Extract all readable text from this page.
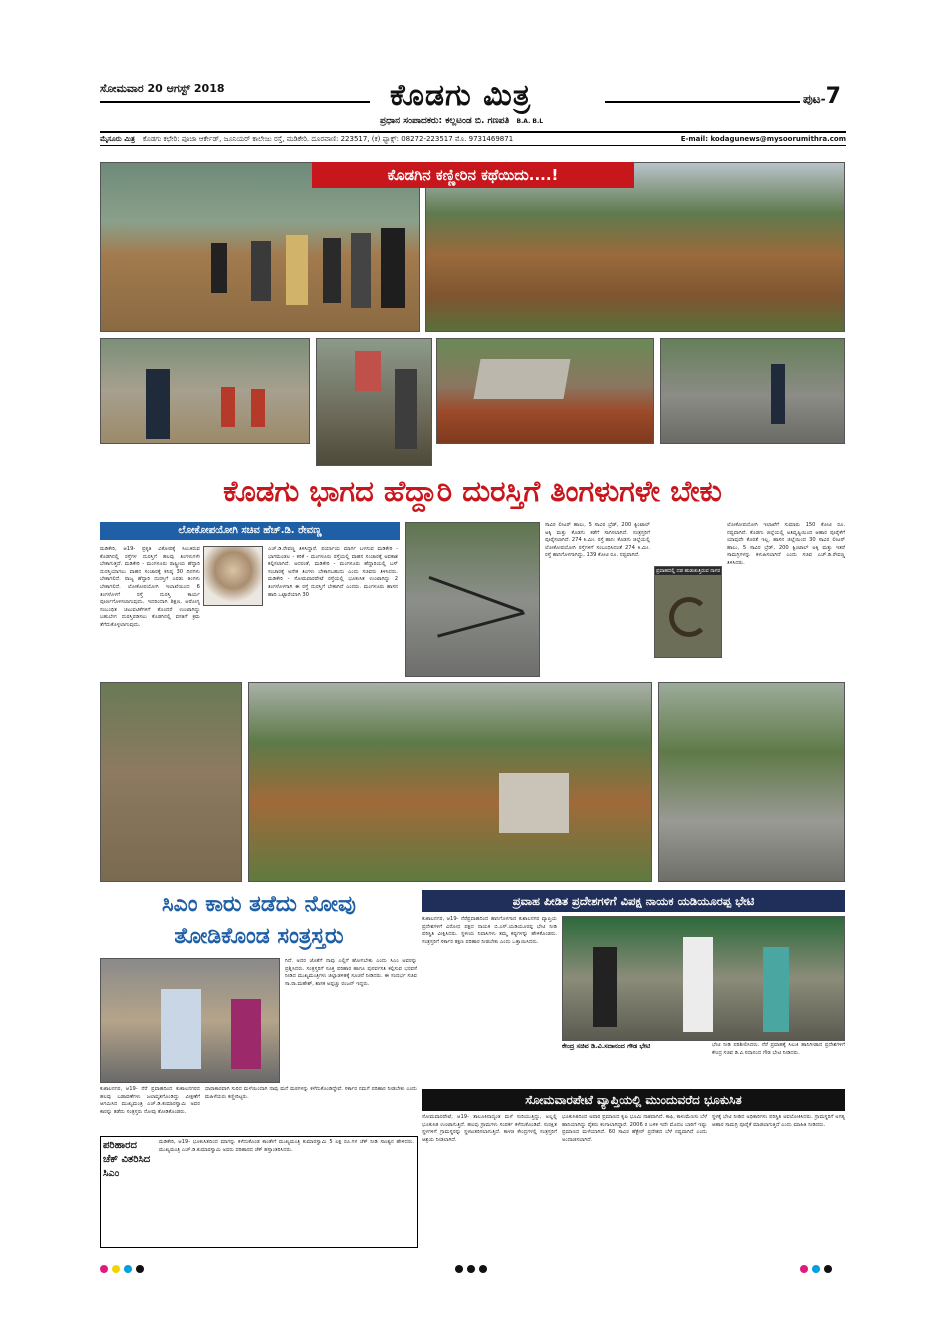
ಸೋಮವಾರ 20 ಆಗಸ್ಟ್ 2018	ಕೊಡಗು ಮಿತ್ರ
ಪ್ರಧಾನ ಸಂಪಾದಕರು: ಕಲ್ಲಟಂಡ ಬಿ. ಗಣಪತಿ B.A. B.L
ಪುಟ-7
ಮೈಸೂರು ಮಿತ್ರ ಕೊಡಗು ಕಛೇರಿ: ಪೂಜಾ ಆರ್ಕೇಡ್, ಜೂನಿಯರ್ ಕಾಲೇಜು ರಸ್ತೆ, ಮಡಿಕೇರಿ. ದೂರವಾಣಿ: 223517, (ಕ) ಫ್ಯಾಕ್ಸ್: 08272-223517 ಮೊ. 9731469871	E-mail: kodagunews@mysoorumithra.com
ಕೊಡಗಿನ ಕಣ್ಣೀರಿನ ಕಥೆಯಿದು....!
ಕೊಡಗು ಭಾಗದ ಹೆದ್ದಾರಿ ದುರಸ್ತಿಗೆ ತಿಂಗಳುಗಳೇ ಬೇಕು
ಲೋಕೋಪಯೋಗಿ ಸಚಿವ ಹೆಚ್.ಡಿ. ರೇವಣ್ಣ
ಮಡಿಕೇರಿ, ಆ19- ಪ್ರಕೃತಿ ವಿಕೋಪಕ್ಕೆ ಸಿಲುಕಿರುವ ಕೊಡಗಿನಲ್ಲಿ ರಸ್ತೆಗಳ ದುರಸ್ತಿಗೆ ಹಲವು ತಿಂಗಳುಗಳೇ ಬೇಕಾಗುತ್ತದೆ. ಮಡಿಕೇರಿ - ಮಂಗಳೂರು ರಾಷ್ಟ್ರೀಯ ಹೆದ್ದಾರಿ ದುರಸ್ತಿಯಾಗಲು ವಾಹನ ಸಂಚಾರಕ್ಕೆ ಕನಿಷ್ಠ 30 ದಿನಗಳು ಬೇಕಾಗಲಿದೆ. ರಾಜ್ಯ ಹೆದ್ದಾರಿ ದುರಸ್ತಿಗೆ ಎರಡು ತಿಂಗಳು ಬೇಕಾಗಲಿದೆ. ಲೋಕೋಪಯೋಗಿ ಇಲಾಖೆಯಿಂದ 6 ತಿಂಗಳೊಳಗೆ ರಸ್ತೆ ದುರಸ್ತಿ ಕಾರ್ಯ ಪೂರ್ಣಗೊಳಿಸಲಾಗುವುದು. ಇದರಿಂದಾಗಿ ಶಿಕ್ಷಣ, ಆರೋಗ್ಯ ಸಂಬಂಧಿತ ಚಟುವಟಿಕೆಗಳಿಗೆ ತೊಂದರೆ ಉಂಟಾಗಿದ್ದು ಬಹುಬೇಗ ದುರಸ್ತಿಪಡಿಸಲು ಕೊಡಗಿನಲ್ಲಿ ವಸತಿಗೆ ಕ್ರಮ ತೆಗೆದುಕೊಳ್ಳಲಾಗುವುದು.
ಎಚ್.ಡಿ.ರೇವಣ್ಣ ತಿಳಿಸಿದ್ದಾರೆ. ಪರ್ಯಾಯ ಮಾರ್ಗ ಬಳಸುವ ಮಡಿಕೇರಿ - ಭಾಗಮಂಡಲ - ಕರಿಕೆ - ಮಂಗಳೂರು ರಸ್ತೆಯಲ್ಲಿ ವಾಹನ ಸಂಚಾರಕ್ಕೆ ಅವಕಾಶ ಕಲ್ಪಿಸಲಾಗಿದೆ. ಅದರಂತೆ, ಮಡಿಕೇರಿ - ಮಂಗಳೂರು ಹೆದ್ದಾರಿಯಲ್ಲಿ ಬಸ್ ಸಂಚಾರಕ್ಕೆ ಅನೇಕ ತಿಂಗಳು ಬೇಕಾಗಬಹುದು ಎಂದು ಸಚಿವರು ತಿಳಿಸಿದರು. ಮಡಿಕೇರಿ - ಸೋಮವಾರಪೇಟೆ ರಸ್ತೆಯಲ್ಲಿ ಭೂಕುಸಿತ ಉಂಟಾಗಿದ್ದು 2 ತಿಂಗಳೊಳಗಾಗಿ ಈ ರಸ್ತೆ ದುರಸ್ತಿಗೆ ಬೇಕಾಗಿದೆ ಎಂದರು. ಮಂಗಳೂರು ಹಾಸನ ಹಾದಿ ಒಟ್ಟಾರೆಯಾಗಿ 30
ಸಾವಿರ ಲೀಟರ್ ಹಾಲು, 5 ಸಾವಿರ ಬ್ರೆಡ್, 200 ಕ್ವಿಂಟಾಲ್ ಅಕ್ಕಿ ಮತ್ತು ಕೊಡಗು ಕಡೆಗೆ ಸಾಗಿಸಲಾಗಿದೆ. ಸಂತ್ರಸ್ತರಿಗೆ ಪೂರೈಸಲಾಗಿದೆ. 274 ಕಿ.ಮೀ. ರಸ್ತೆ ಹಾನಿ: ಕೊಡಗು ಜಿಲ್ಲೆಯಲ್ಲಿ ಲೋಕೋಪಯೋಗಿ ರಸ್ತೆಗಳಿಗೆ ಸಂಬಂಧಿಸಿದಂತೆ 274 ಕಿ.ಮೀ. ರಸ್ತೆ ಹಾನಿಗೊಳಗಾಗಿದ್ದು, 139 ಕೋಟಿ ರೂ. ನಷ್ಟವಾಗಿದೆ.
ಪ್ರವಾಹದಲ್ಲಿ ದಡ ಹುಡುಕುತ್ತಿರುವ ನಾಗರ
ಲೋಕೋಪಯೋಗಿ ಇಲಾಖೆಗೆ ಸುಮಾರು 150 ಕೋಟಿ ರೂ. ನಷ್ಟವಾಗಿದೆ. ಕೊಡಗು ಜಿಲ್ಲೆಯಲ್ಲಿ ಅತಿವೃಷ್ಟಿಯಿಂದ ಆಹಾರ ಪೂರೈಕೆಗೆ ಯಾವುದೇ ಕೊರತೆ ಇಲ್ಲ. ಹಾಸನ ಜಿಲ್ಲೆಯಿಂದ 30 ಸಾವಿರ ಲೀಟರ್ ಹಾಲು, 5 ಸಾವಿರ ಬ್ರೆಡ್, 200 ಕ್ವಿಂಟಾಲ್ ಅಕ್ಕಿ ಮತ್ತು ಇತರೆ ಸಾಮಗ್ರಿಗಳನ್ನು ಕಳುಹಿಸಲಾಗಿದೆ ಎಂದು ಸಚಿವ ಎಚ್.ಡಿ.ರೇವಣ್ಣ ತಿಳಿಸಿದರು.
ಸಿಎಂ ಕಾರು ತಡೆದು ನೋವು
ತೋಡಿಕೊಂಡ ಸಂತ್ರಸ್ತರು
ಗಿದೆ. ಅದರ ಜೊತೆಗೆ ನಾವು ಎಲ್ಲಿಗೆ ಹೋಗಬೇಕು ಎಂದು ಸಿಎಂ ಅವರನ್ನು ಪ್ರಶ್ನಿಸಿದರು. ಸಂತ್ರಸ್ತರಿಗೆ ಸೂಕ್ತ ಪರಿಹಾರ ಹಾಗೂ ಪುನರ್ವಸತಿ ಕಲ್ಪಿಸುವ ಭರವಸೆ ನೀಡಿದ ಮುಖ್ಯಮಂತ್ರಿಗಳು ಜಿಲ್ಲಾಡಳಿತಕ್ಕೆ ಸೂಚನೆ ನೀಡಿದರು. ಈ ಸಂದರ್ಭ ಸಚಿವ ಸಾ.ರಾ.ಮಹೇಶ್, ಶಾಸಕ ಅಪ್ಪಚ್ಚು ರಂಜನ್ ಇದ್ದರು.
ಕುಶಾಲನಗರ, ಆ19- ನೆರೆ ಪ್ರವಾಹದಿಂದ ಕುಶಾಲನಗರದ ಹಲವು ಬಡಾವಣೆಗಳು ಜಲಾವೃತಗೊಂಡಿದ್ದು ವೀಕ್ಷಣೆಗೆ ಆಗಮಿಸಿದ ಮುಖ್ಯಮಂತ್ರಿ ಎಚ್.ಡಿ.ಕುಮಾರಸ್ವಾಮಿ ಅವರ ಕಾರನ್ನು ತಡೆದು ಸಂತ್ರಸ್ತರು ನೋವು ತೋಡಿಕೊಂಡರು.
ಧಾರಾಕಾರವಾಗಿ ಸುರಿದ ಮಳೆಯಿಂದಾಗಿ ನಾವು ಮನೆ ಮಠಗಳನ್ನು ಕಳೆದುಕೊಂಡಿದ್ದೇವೆ. ಸರ್ಕಾರ ನಮಗೆ ಪರಿಹಾರ ನೀಡಬೇಕು ಎಂದು ಮಹಿಳೆಯರು ಕಣ್ಣೀರಿಟ್ಟರು.
ಪರಿಹಾರದ ಚೆಕ್ ವಿತರಿಸಿದ ಸಿಎಂ
ಮಡಿಕೇರಿ, ಆ19- ಭೂಕುಸಿತದಿಂದ ಮಾಗನ್ನು ಕಳೆದುಕೊಂಡ ಕಾಂತೇಗೆ ಮುಖ್ಯಮಂತ್ರಿ ಕುಮಾರಸ್ವಾಮಿ 5 ಲಕ್ಷ ರೂ.ಗಳ ಚೆಕ್ ನೀಡಿ ಸಾಂತ್ವನ ಹೇಳಿದರು. ಮುಖ್ಯಮಂತ್ರಿ ಎಚ್.ಡಿ.ಕುಮಾರಸ್ವಾಮಿ ಅವರು ಪರಿಹಾರದ ಚೆಕ್ ಹಸ್ತಾಂತರಿಸಿದರು.
ಪ್ರವಾಹ ಪೀಡಿತ ಪ್ರದೇಶಗಳಿಗೆ ವಿಪಕ್ಷ ನಾಯಕ ಯಡಿಯೂರಪ್ಪ ಭೇಟಿ
ಕುಶಾಲನಗರ, ಆ19- ನೆರೆಪ್ರವಾಹದಿಂದ ಹಾನಿಗೊಳಗಾದ ಕುಶಾಲನಗರ ವ್ಯಾಪ್ತಿಯ ಪ್ರದೇಶಗಳಿಗೆ ವಿರೋಧ ಪಕ್ಷದ ನಾಯಕ ಬಿ.ಎಸ್.ಯಡಿಯೂರಪ್ಪ ಭೇಟಿ ನೀಡಿ ಪರಿಸ್ಥಿತಿ ವೀಕ್ಷಿಸಿದರು. ಸ್ಥಳೀಯ ನಿವಾಸಿಗಳು ತಮ್ಮ ಕಷ್ಟಗಳನ್ನು ಹೇಳಿಕೊಂಡರು. ಸಂತ್ರಸ್ತರಿಗೆ ಸರ್ಕಾರ ತಕ್ಷಣ ಪರಿಹಾರ ನೀಡಬೇಕು ಎಂದು ಒತ್ತಾಯಿಸಿದರು.
ಕೇಂದ್ರ ಸಚಿವ ಡಿ.ವಿ.ಸದಾನಂದ ಗೌಡ ಭೇಟಿ	ಭೇಟಿ ನೀಡಿ ಪರಿಶೀಲಿಸಿದರು. ನೆರೆ ಪ್ರವಾಹಕ್ಕೆ ಸಿಲುಕಿ ಹಾನಿಗೀಡಾದ ಪ್ರದೇಶಗಳಿಗೆ ಕೇಂದ್ರ ಸಚಿವ ಡಿ.ವಿ.ಸದಾನಂದ ಗೌಡ ಭೇಟಿ ನೀಡಿದರು.
ಸೋಮವಾರಪೇಟೆ ವ್ಯಾಪ್ತಿಯಲ್ಲಿ ಮುಂದುವರೆದ ಭೂಕುಸಿತ
ಸೋಮವಾರಪೇಟೆ, ಆ19- ತಾಲೂಕಿನಾದ್ಯಂತ ಮಳೆ ಸುರಿಯುತ್ತಿದ್ದು, ಅಲ್ಲಲ್ಲಿ ಭೂಕುಸಿತ ಉಂಟಾಗುತ್ತಿದೆ. ಹಲವು ಗ್ರಾಮಗಳು ಸಂಪರ್ಕ ಕಳೆದುಕೊಂಡಿವೆ. ಸುರಕ್ಷಿತ ಸ್ಥಳಗಳಿಗೆ ಗ್ರಾಮಸ್ಥರನ್ನು ಸ್ಥಳಾಂತರಿಸಲಾಗುತ್ತಿದೆ. ಕಾಳಜಿ ಕೇಂದ್ರಗಳಲ್ಲಿ ಸಂತ್ರಸ್ತರಿಗೆ ಆಶ್ರಯ ನೀಡಲಾಗಿದೆ.
ಭೂಕುಸಿತದಿಂದ ಅಪಾರ ಪ್ರಮಾಣದ ಕೃಷಿ ಭೂಮಿ ನಾಶವಾಗಿದೆ. ಕಾಫಿ, ಕಾಳುಮೆಣಸು ಬೆಳೆ ಹಾನಿಯಾಗಿದ್ದು ರೈತರು ಕಂಗಾಲಾಗಿದ್ದಾರೆ. 2006 ರ ಬಳಿಕ ಇದೇ ಮೊದಲ ಬಾರಿಗೆ ಇಷ್ಟು ಪ್ರಮಾಣದ ಮಳೆಯಾಗಿದೆ. 60 ಸಾವಿರ ಹೆಕ್ಟೇರ್ ಪ್ರದೇಶದ ಬೆಳೆ ನಷ್ಟವಾಗಿದೆ ಎಂದು ಅಂದಾಜಿಸಲಾಗಿದೆ.
ಸ್ಥಳಕ್ಕೆ ಭೇಟಿ ನೀಡಿದ ಅಧಿಕಾರಿಗಳು ಪರಿಸ್ಥಿತಿ ಅವಲೋಕಿಸಿದರು. ಗ್ರಾಮಸ್ಥರಿಗೆ ಅಗತ್ಯ ಆಹಾರ ಸಾಮಗ್ರಿ ಪೂರೈಕೆ ಮಾಡಲಾಗುತ್ತಿದೆ ಎಂದು ಮಾಹಿತಿ ನೀಡಿದರು.
